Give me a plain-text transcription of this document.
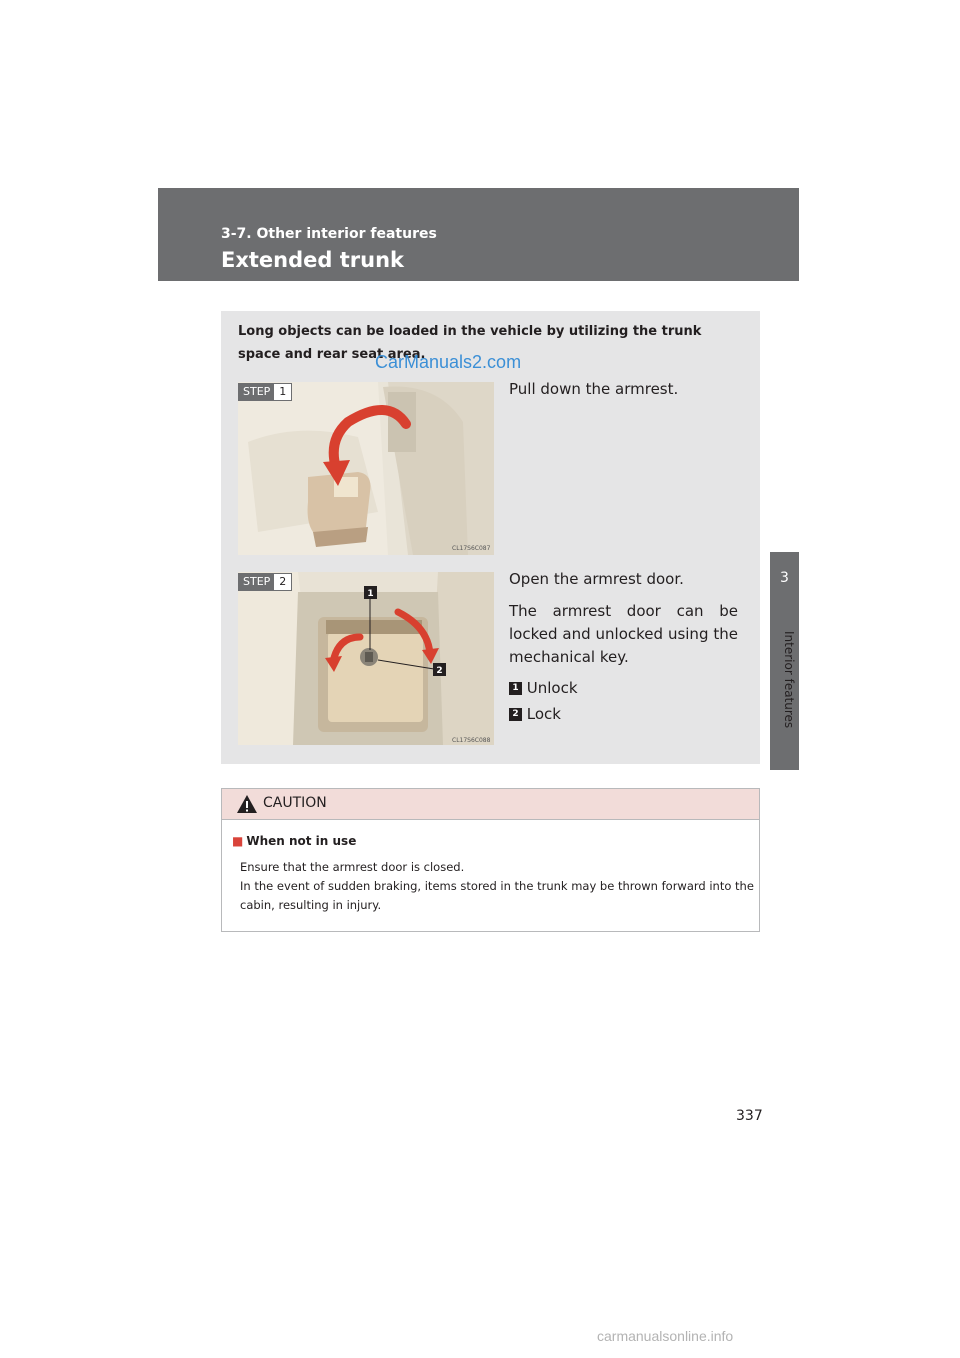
3-7. Other interior features
Extended trunk
3
Interior features
Long objects can be loaded in the vehicle by utilizing the trunk space and rear seat area.
CarManuals2.com
CL17S6C087
STEP 1	Pull down the armrest.
1
2
CL17S6C088
STEP 2	Open the armrest door.
The armrest door can be locked and unlocked using the mechanical key.
1 Unlock
2 Lock
CAUTION
■ When not in use

Ensure that the armrest door is closed.

In the event of sudden braking, items stored in the trunk may be thrown forward into the cabin, resulting in injury.

337
carmanualsonline.info
